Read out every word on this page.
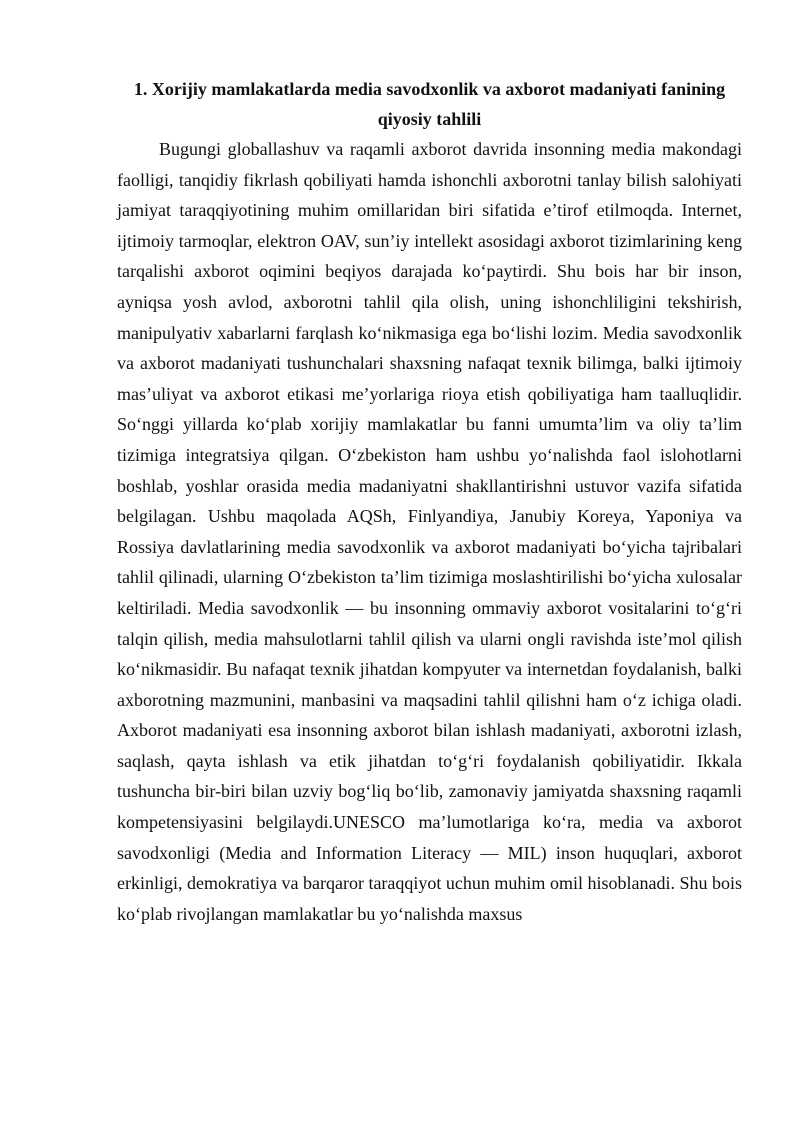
1. Xorijiy mamlakatlarda media savodxonlik va axborot madaniyati fanining qiyosiy tahlili

Bugungi globallashuv va raqamli axborot davrida insonning media makondagi faolligi, tanqidiy fikrlash qobiliyati hamda ishonchli axborotni tanlay bilish salohiyati jamiyat taraqqiyotining muhim omillaridan biri sifatida e’tirof etilmoqda. Internet, ijtimoiy tarmoqlar, elektron OAV, sun’iy intellekt asosidagi axborot tizimlarining keng tarqalishi axborot oqimini beqiyos darajada ko‘paytirdi. Shu bois har bir inson, ayniqsa yosh avlod, axborotni tahlil qila olish, uning ishonchliligini tekshirish, manipulyativ xabarlarni farqlash ko‘nikmasiga ega bo‘lishi lozim. Media savodxonlik va axborot madaniyati tushunchalari shaxsning nafaqat texnik bilimga, balki ijtimoiy mas’uliyat va axborot etikasi me’yorlariga rioya etish qobiliyatiga ham taalluqlidir. So‘nggi yillarda ko‘plab xorijiy mamlakatlar bu fanni umumta’lim va oliy ta’lim tizimiga integratsiya qilgan. O‘zbekiston ham ushbu yo‘nalishda faol islohotlarni boshlab, yoshlar orasida media madaniyatni shakllantirishni ustuvor vazifa sifatida belgilagan. Ushbu maqolada AQSh, Finlyandiya, Janubiy Koreya, Yaponiya va Rossiya davlatlarining media savodxonlik va axborot madaniyati bo‘yicha tajribalari tahlil qilinadi, ularning O‘zbekiston ta’lim tizimiga moslashtirilishi bo‘yicha xulosalar keltiriladi. Media savodxonlik — bu insonning ommaviy axborot vositalarini to‘g‘ri talqin qilish, media mahsulotlarni tahlil qilish va ularni ongli ravishda iste’mol qilish ko‘nikmasidir. Bu nafaqat texnik jihatdan kompyuter va internetdan foydalanish, balki axborotning mazmunini, manbasini va maqsadini tahlil qilishni ham o‘z ichiga oladi. Axborot madaniyati esa insonning axborot bilan ishlash madaniyati, axborotni izlash, saqlash, qayta ishlash va etik jihatdan to‘g‘ri foydalanish qobiliyatidir. Ikkala tushuncha bir-biri bilan uzviy bog‘liq bo‘lib, zamonaviy jamiyatda shaxsning raqamli kompetensiyasini belgilaydi.UNESCO ma’lumotlariga ko‘ra, media va axborot savodxonligi (Media and Information Literacy — MIL) inson huquqlari, axborot erkinligi, demokratiya va barqaror taraqqiyot uchun muhim omil hisoblanadi. Shu bois ko‘plab rivojlangan mamlakatlar bu yo‘nalishda maxsus
